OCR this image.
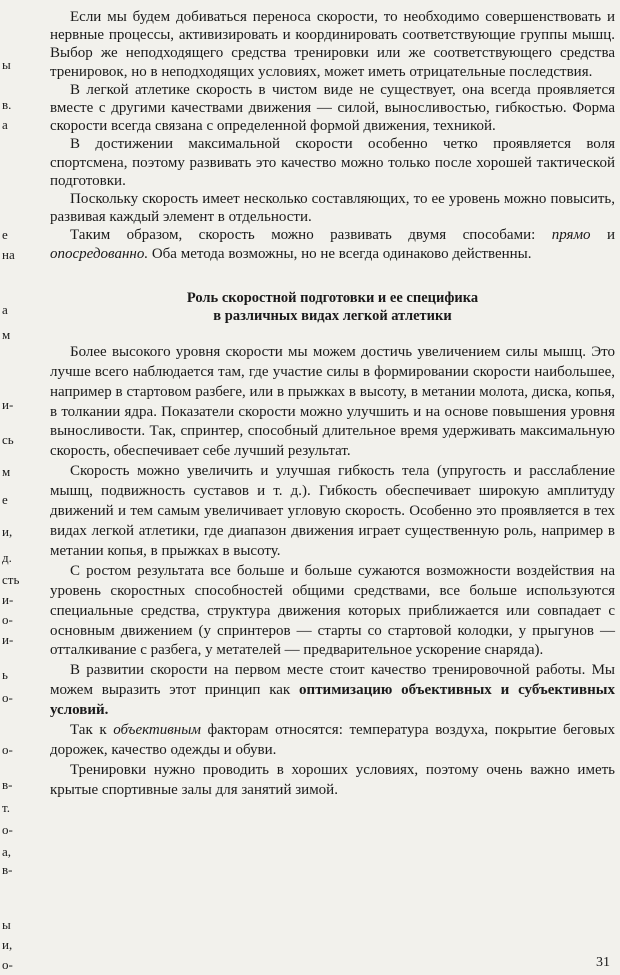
ы
в.
а
е
на
а
м
и-
сь
м
е
и,
д.
сть
и-
о-
и-
ь
о-
о-
в-
т.
о-
а,
в-
ы
и,
о-

Если мы будем добиваться переноса скорости, то необходимо совершенствовать и нервные процессы, активизировать и координировать соответствующие группы мышц. Выбор же неподходящего средства тренировки или же соответствующего средства тренировок, но в неподходящих условиях, может иметь отрицательные последствия.

В легкой атлетике скорость в чистом виде не существует, она всегда проявляется вместе с другими качествами движения — силой, выносливостью, гибкостью. Форма скорости всегда связана с определенной формой движения, техникой.

В достижении максимальной скорости особенно четко проявляется воля спортсмена, поэтому развивать это качество можно только после хорошей тактической подготовки.

Поскольку скорость имеет несколько составляющих, то ее уровень можно повысить, развивая каждый элемент в отдельности.

Таким образом, скорость можно развивать двумя способами: прямо и опосредованно. Оба метода возможны, но не всегда одинаково действенны.

Роль скоростной подготовки и ее специфика
в различных видах легкой атлетики

Более высокого уровня скорости мы можем достичь увеличением силы мышц. Это лучше всего наблюдается там, где участие силы в формировании скорости наибольшее, например в стартовом разбеге, или в прыжках в высоту, в метании молота, диска, копья, в толкании ядра. Показатели скорости можно улучшить и на основе повышения уровня выносливости. Так, спринтер, способный длительное время удерживать максимальную скорость, обеспечивает себе лучший результат.

Скорость можно увеличить и улучшая гибкость тела (упругость и расслабление мышц, подвижность суставов и т. д.). Гибкость обеспечивает широкую амплитуду движений и тем самым увеличивает угловую скорость. Особенно это проявляется в тех видах легкой атлетики, где диапазон движения играет существенную роль, например в метании копья, в прыжках в высоту.

С ростом результата все больше и больше сужаются возможности воздействия на уровень скоростных способностей общими средствами, все больше используются специальные средства, структура движения которых приближается или совпадает с основным движением (у спринтеров — старты со стартовой колодки, у прыгунов — отталкивание с разбега, у метателей — предварительное ускорение снаряда).

В развитии скорости на первом месте стоит качество тренировочной работы. Мы можем выразить этот принцип как оптимизацию объективных и субъективных условий.

Так к объективным факторам относятся: температура воздуха, покрытие беговых дорожек, качество одежды и обуви.

Тренировки нужно проводить в хороших условиях, поэтому очень важно иметь крытые спортивные залы для занятий зимой.

31
